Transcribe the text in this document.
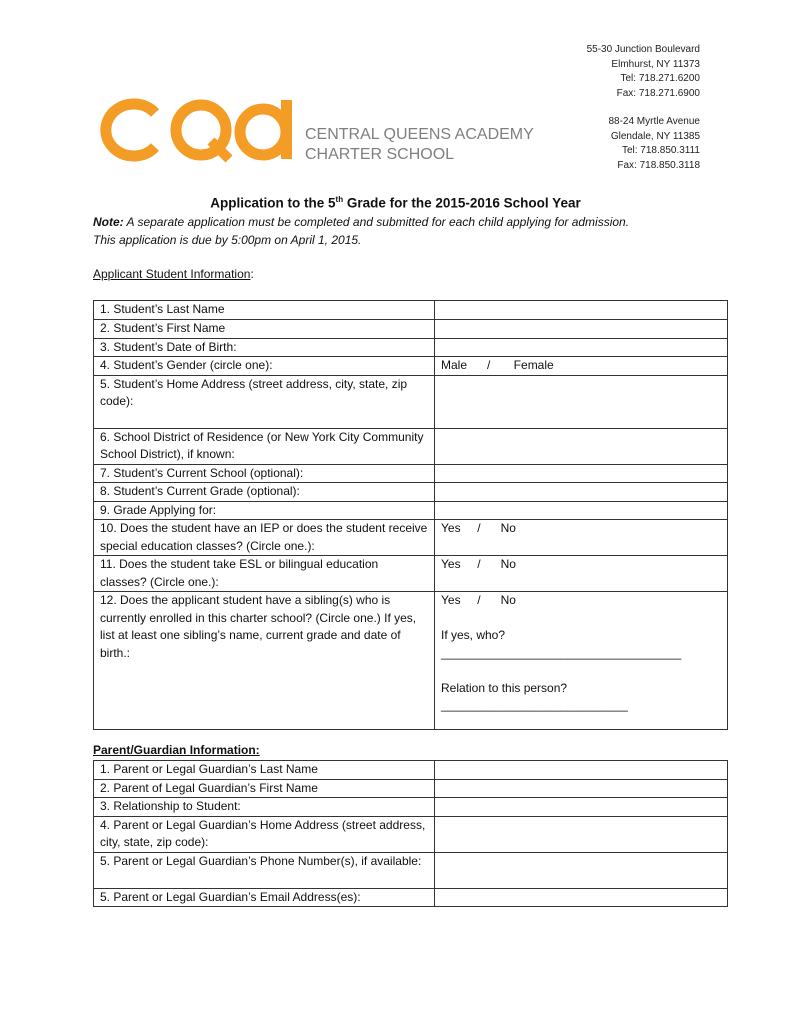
55-30 Junction Boulevard
Elmhurst, NY 11373
Tel: 718.271.6200
Fax: 718.271.6900
88-24 Myrtle Avenue
Glendale, NY 11385
Tel: 718.850.3111
Fax: 718.850.3118
CENTRAL QUEENS ACADEMY
CHARTER SCHOOL
Application to the 5th Grade for the 2015-2016 School Year
Note: A separate application must be completed and submitted for each child applying for admission.
This application is due by 5:00pm on April 1, 2015.
Applicant Student Information:
1. Student’s Last Name	
2. Student’s First Name	
3. Student’s Date of Birth:	
4. Student’s Gender (circle one):	Male      /       Female
5. Student’s Home Address (street address, city, state, zip code):	
6. School District of Residence (or New York City Community School District), if known:	
7. Student’s Current School (optional):	
8. Student’s Current Grade (optional):	
9. Grade Applying for:	
10. Does the student have an IEP or does the student receive special education classes? (Circle one.):	Yes     /      No
11. Does the student take ESL or bilingual education classes? (Circle one.):	Yes     /      No
12. Does the applicant student have a sibling(s) who is currently enrolled in this charter school? (Circle one.) If yes, list at least one sibling’s name, current grade and date of birth.:	Yes     /      No
If yes, who?
____________________________________
Relation to this person?
____________________________
Parent/Guardian Information:
1. Parent or Legal Guardian’s Last Name	
2. Parent of Legal Guardian’s First Name	
3. Relationship to Student:	
4. Parent or Legal Guardian’s Home Address (street address, city, state, zip code):	
5. Parent or Legal Guardian’s Phone Number(s), if available:	
5. Parent or Legal Guardian’s Email Address(es):	
